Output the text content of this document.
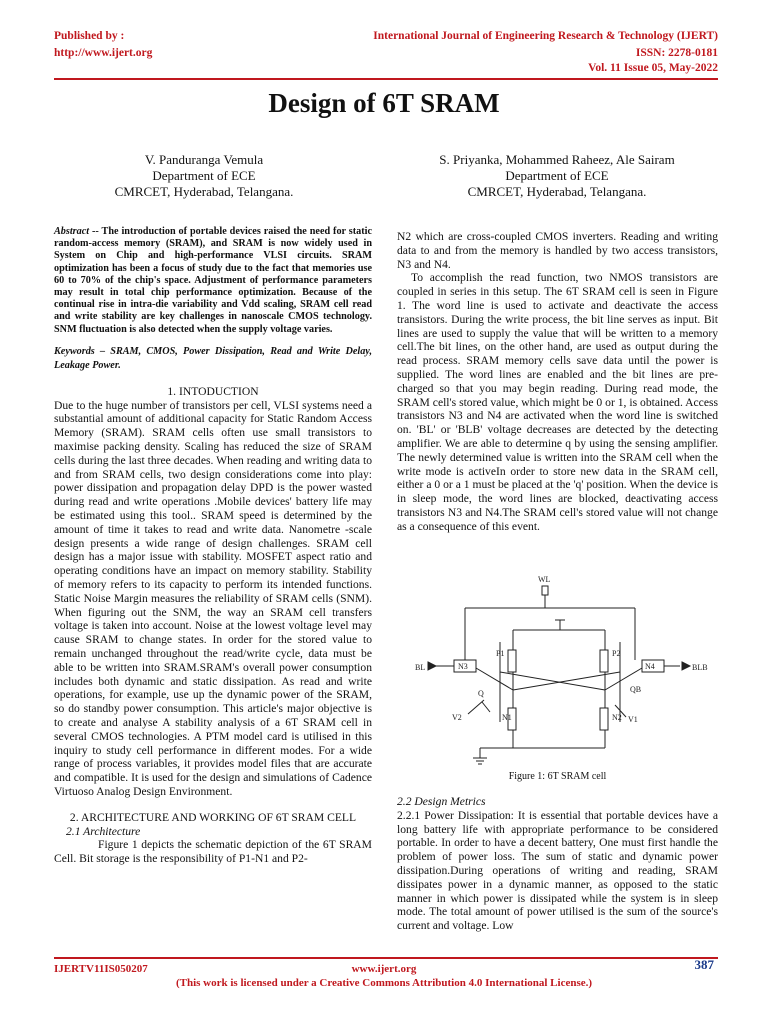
Published by :
http://www.ijert.org
International Journal of Engineering Research & Technology (IJERT)
ISSN: 2278-0181
Vol. 11 Issue 05, May-2022
Design of 6T SRAM
V. Panduranga Vemula
Department of ECE
CMRCET, Hyderabad, Telangana.
S. Priyanka, Mohammed Raheez, Ale Sairam
Department of ECE
CMRCET, Hyderabad, Telangana.

Abstract -- The introduction of portable devices raised the need for static random-access memory (SRAM), and SRAM is now widely used in System on Chip and high-performance VLSI circuits. SRAM optimization has been a focus of study due to the fact that memories use 60 to 70% of the chip's space. Adjustment of performance parameters may result in total chip performance optimization. Because of the continual rise in intra-die variability and Vdd scaling, SRAM cell read and write stability are key challenges in nanoscale CMOS technology. SNM fluctuation is also detected when the supply voltage varies.

Keywords – SRAM, CMOS, Power Dissipation, Read and Write Delay, Leakage Power.

1. INTODUCTION

Due to the huge number of transistors per cell, VLSI systems need a substantial amount of additional capacity for Static Random Access Memory (SRAM). SRAM cells often use small transistors to maximise packing density. Scaling has reduced the size of SRAM cells during the last three decades. When reading and writing data to and from SRAM cells, two design considerations come into play: power dissipation and propagation delay DPD is the power wasted during read and write operations .Mobile devices' battery life may be estimated using this tool.. SRAM speed is determined by the amount of time it takes to read and write data. Nanometre -scale design presents a wide range of design challenges. SRAM cell design has a major issue with stability. MOSFET aspect ratio and operating conditions have an impact on memory stability. Stability of memory refers to its capacity to perform its intended functions. Static Noise Margin measures the reliability of SRAM cells (SNM). When figuring out the SNM, the way an SRAM cell transfers voltage is taken into account. Noise at the lowest voltage level may cause SRAM to change states. In order for the stored value to remain unchanged throughout the read/write cycle, data must be able to be written into SRAM.SRAM's overall power consumption includes both dynamic and static dissipation. As read and write operations, for example, use up the dynamic power of the SRAM, so do standby power consumption. This article's major objective is to create and analyse A stability analysis of a 6T SRAM cell in several CMOS technologies. A PTM model card is utilised in this inquiry to study cell performance in different modes. For a wide range of process variables, it provides model files that are accurate and compatible. It is used for the design and simulations of Cadence Virtuoso Analog Design Environment.

2. ARCHITECTURE AND WORKING OF 6T SRAM CELL

2.1 Architecture

Figure 1 depicts the schematic depiction of the 6T SRAM Cell. Bit storage is the responsibility of P1-N1 and P2-

N2 which are cross-coupled CMOS inverters. Reading and writing data to and from the memory is handled by two access transistors, N3 and N4.

To accomplish the read function, two NMOS transistors are coupled in series in this setup. The 6T SRAM cell is seen in Figure 1. The word line is used to activate and deactivate the access transistors. During the write process, the bit line serves as input. Bit lines are used to supply the value that will be written to a memory cell.The bit lines, on the other hand, are used as output during the read process. SRAM memory cells save data until the power is supplied. The word lines are enabled and the bit lines are pre-charged so that you may begin reading. During read mode, the SRAM cell's stored value, which might be 0 or 1, is obtained. Access transistors N3 and N4 are activated when the word line is switched on. 'BL' or 'BLB' voltage decreases are detected by the detecting amplifier. We are able to determine q by using the sensing amplifier. The newly determined value is written into the SRAM cell when the write mode is activeIn order to store new data in the SRAM cell, either a 0 or a 1 must be placed at the 'q' position. When the device is in sleep mode, the word lines are blocked, deactivating access transistors N3 and N4.The SRAM cell's stored value will not change as a consequence of this event.

WL
P1
N1
P2
N2
N3
BL	N4	BLB
Q	QB
V2	V1
Figure 1: 6T SRAM cell

2.2 Design Metrics

2.2.1 Power Dissipation: It is essential that portable devices have a long battery life with appropriate performance to be considered portable. In order to have a decent battery, One must first handle the problem of power loss. The sum of static and dynamic power dissipation.During operations of writing and reading, SRAM dissipates power in a dynamic manner, as opposed to the static manner in which power is dissipated while the system is in sleep mode. The total amount of power utilised is the sum of the source's current and voltage. Low

IJERTV11IS050207	www.ijert.org	387
(This work is licensed under a Creative Commons Attribution 4.0 International License.)
